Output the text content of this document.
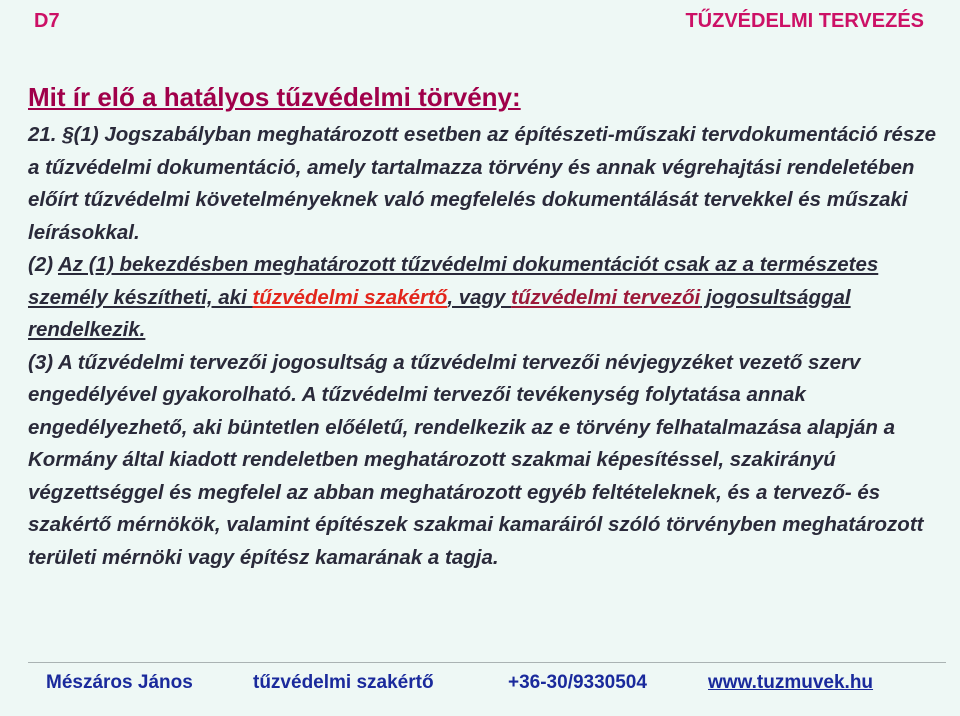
D7	TŰZVÉDELMI TERVEZÉS
Mit ír elő a hatályos tűzvédelmi törvény:

21. §(1) Jogszabályban meghatározott esetben az építészeti-műszaki tervdokumentáció része a tűzvédelmi dokumentáció, amely tartalmazza törvény és annak végrehajtási rendeletében előírt tűzvédelmi követelményeknek való megfelelés dokumentálását tervekkel és műszaki leírásokkal.

(2) Az (1) bekezdésben meghatározott tűzvédelmi dokumentációt csak az a természetes személy készítheti, aki tűzvédelmi szakértő, vagy tűzvédelmi tervezői jogosultsággal rendelkezik.

(3) A tűzvédelmi tervezői jogosultság a tűzvédelmi tervezői névjegyzéket vezető szerv engedélyével gyakorolható. A tűzvédelmi tervezői tevékenység folytatása annak engedélyezhető, aki büntetlen előéletű, rendelkezik az e törvény felhatalmazása alapján a Kormány által kiadott rendeletben meghatározott szakmai képesítéssel, szakirányú végzettséggel és megfelel az abban meghatározott egyéb feltételeknek, és a tervező- és szakértő mérnökök, valamint építészek szakmai kamaráiról szóló törvényben meghatározott területi mérnöki vagy építész kamarának a tagja.

Mészáros János	tűzvédelmi szakértő	+36-30/9330504	www.tuzmuvek.hu
